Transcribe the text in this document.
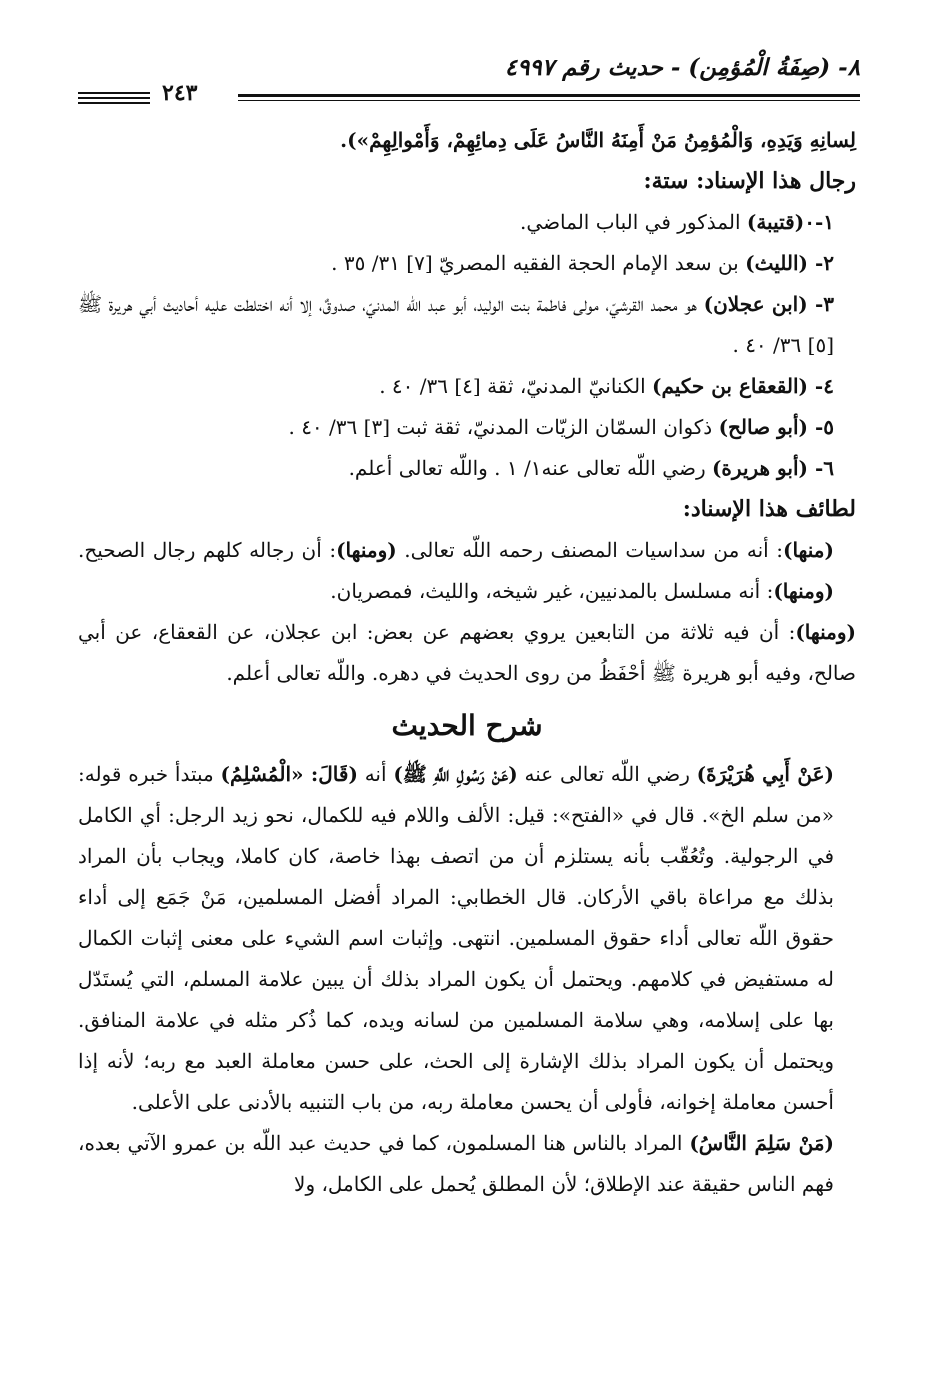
٨- (صِفَةُ الْمُؤمِن) - حديث رقم ٤٩٩٧
٢٤٣

لِسانِهِ وَيَدِهِ، وَالْمُؤمِنُ مَنْ أَمِنَهُ النَّاسُ عَلَى دِمائِهِمْ، وَأَمْوالِهِمْ»).

رجال هذا الإسناد: ستة:

١-٠(قتيبة) المذكور في الباب الماضي.

٢- (الليث) بن سعد الإمام الحجة الفقيه المصريّ [٧] ٣١/ ٣٥ .

٣- (ابن عجلان) هو محمد القرشيّ، مولى فاطمة بنت الوليد، أبو عبد اللّه المدنيّ، صدوقٌ، إلا أنه اختلطت عليه أحاديث أبي هريرة ﷺ [٥] ٣٦/ ٤٠ .

٤- (القعقاع بن حكيم) الكنانيّ المدنيّ، ثقة [٤] ٣٦/ ٤٠ .

٥- (أبو صالح) ذكوان السمّان الزيّات المدنيّ، ثقة ثبت [٣] ٣٦/ ٤٠ .

٦- (أبو هريرة) رضي اللّه تعالى عنه١/ ١ . واللّه تعالى أعلم.

لطائف هذا الإسناد:

(منها): أنه من سداسيات المصنف رحمه اللّه تعالى. (ومنها): أن رجاله كلهم رجال الصحيح. (ومنها): أنه مسلسل بالمدنيين، غير شيخه، والليث، فمصريان.

(ومنها): أن فيه ثلاثة من التابعين يروي بعضهم عن بعض: ابن عجلان، عن القعقاع، عن أبي صالح، وفيه أبو هريرة ﷺ أحْفَظُ من روى الحديث في دهره. واللّه تعالى أعلم.

شرح الحديث

(عَنْ أَبِي هُرَيْرَةَ) رضي اللّه تعالى عنه (عَنْ رَسُولِ اللَّهِ ﷺ) أنه (قَالَ: «الْمُسْلِمُ) مبتدأ خبره قوله: «من سلم الخ». قال في «الفتح»: قيل: الألف واللام فيه للكمال، نحو زيد الرجل: أي الكامل في الرجولية. وتُعُقّب بأنه يستلزم أن من اتصف بهذا خاصة، كان كاملا، ويجاب بأن المراد بذلك مع مراعاة باقي الأركان. قال الخطابي: المراد أفضل المسلمين، مَنْ جَمَع إلى أداء حقوق اللّه تعالى أداء حقوق المسلمين. انتهى. وإثبات اسم الشيء على معنى إثبات الكمال له مستفيض في كلامهم. ويحتمل أن يكون المراد بذلك أن يبين علامة المسلم، التي يُستَدّل بها على إسلامه، وهي سلامة المسلمين من لسانه ويده، كما ذُكر مثله في علامة المنافق. ويحتمل أن يكون المراد بذلك الإشارة إلى الحث، على حسن معاملة العبد مع ربه؛ لأنه إذا أحسن معاملة إخوانه، فأولى أن يحسن معاملة ربه، من باب التنبيه بالأدنى على الأعلى.

(مَنْ سَلِمَ النَّاسُ) المراد بالناس هنا المسلمون، كما في حديث عبد اللّه بن عمرو الآتي بعده، فهم الناس حقيقة عند الإطلاق؛ لأن المطلق يُحمل على الكامل، ولا
